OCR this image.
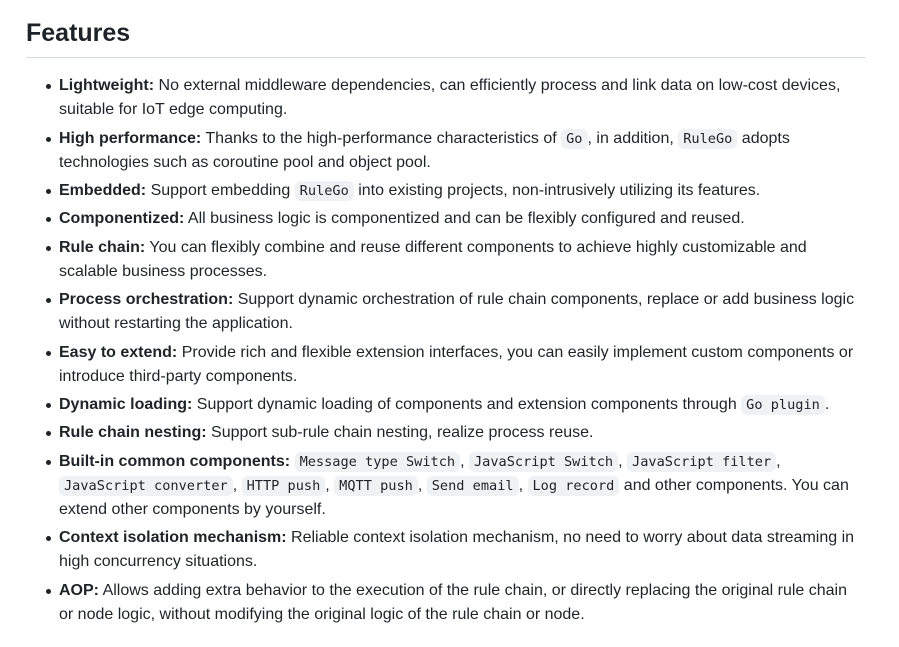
Features
Lightweight: No external middleware dependencies, can efficiently process and link data on low-cost devices, suitable for IoT edge computing.
High performance: Thanks to the high-performance characteristics of Go , in addition, RuleGo adopts technologies such as coroutine pool and object pool.
Embedded: Support embedding RuleGo into existing projects, non-intrusively utilizing its features.
Componentized: All business logic is componentized and can be flexibly configured and reused.
Rule chain: You can flexibly combine and reuse different components to achieve highly customizable and scalable business processes.
Process orchestration: Support dynamic orchestration of rule chain components, replace or add business logic without restarting the application.
Easy to extend: Provide rich and flexible extension interfaces, you can easily implement custom components or introduce third-party components.
Dynamic loading: Support dynamic loading of components and extension components through Go plugin .
Rule chain nesting: Support sub-rule chain nesting, realize process reuse.
Built-in common components: Message type Switch , JavaScript Switch , JavaScript filter , JavaScript converter , HTTP push , MQTT push , Send email , Log record and other components. You can extend other components by yourself.
Context isolation mechanism: Reliable context isolation mechanism, no need to worry about data streaming in high concurrency situations.
AOP: Allows adding extra behavior to the execution of the rule chain, or directly replacing the original rule chain or node logic, without modifying the original logic of the rule chain or node.
